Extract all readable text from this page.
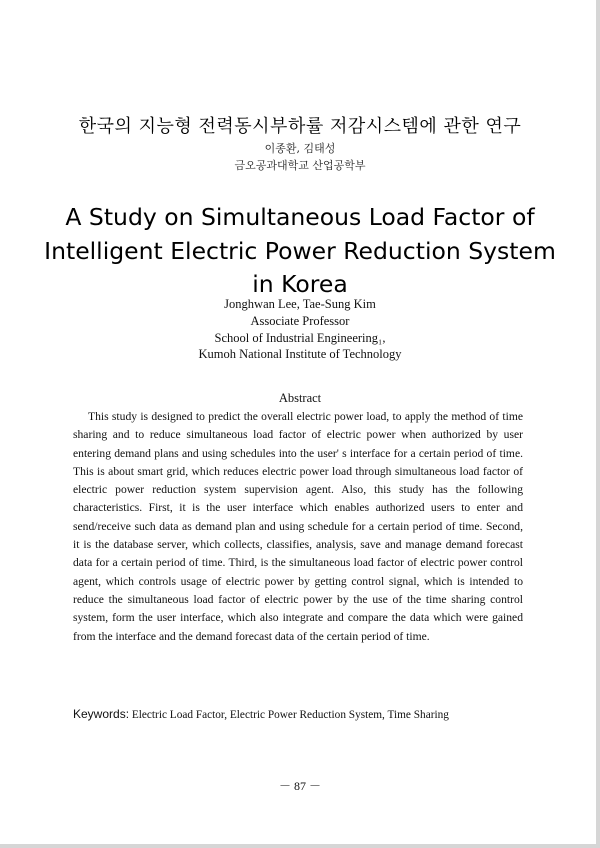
한국의 지능형 전력동시부하률 저감시스템에 관한 연구
이종환, 김태성
금오공과대학교 산업공학부
A Study on Simultaneous Load Factor of
Intelligent Electric Power Reduction System
in Korea
Jonghwan Lee, Tae-Sung Kim
Associate Professor
School of Industrial Engineering₁,
Kumoh National Institute of Technology
Abstract
This study is designed to predict the overall electric power load, to apply the method of time sharing and to reduce simultaneous load factor of electric power when authorized by user entering demand plans and using schedules into the user' s interface for a certain period of time. This is about smart grid, which reduces electric power load through simultaneous load factor of electric power reduction system supervision agent. Also, this study has the following characteristics. First, it is the user interface which enables authorized users to enter and send/receive such data as demand plan and using schedule for a certain period of time. Second, it is the database server, which collects, classifies, analysis, save and manage demand forecast data for a certain period of time. Third, is the simultaneous load factor of electric power control agent, which controls usage of electric power by getting control signal, which is intended to reduce the simultaneous load factor of electric power by the use of the time sharing control system, form the user interface, which also integrate and compare the data which were gained from the interface and the demand forecast data of the certain period of time.
Keywords: Electric Load Factor, Electric Power Reduction System, Time Sharing
－ 87 －
